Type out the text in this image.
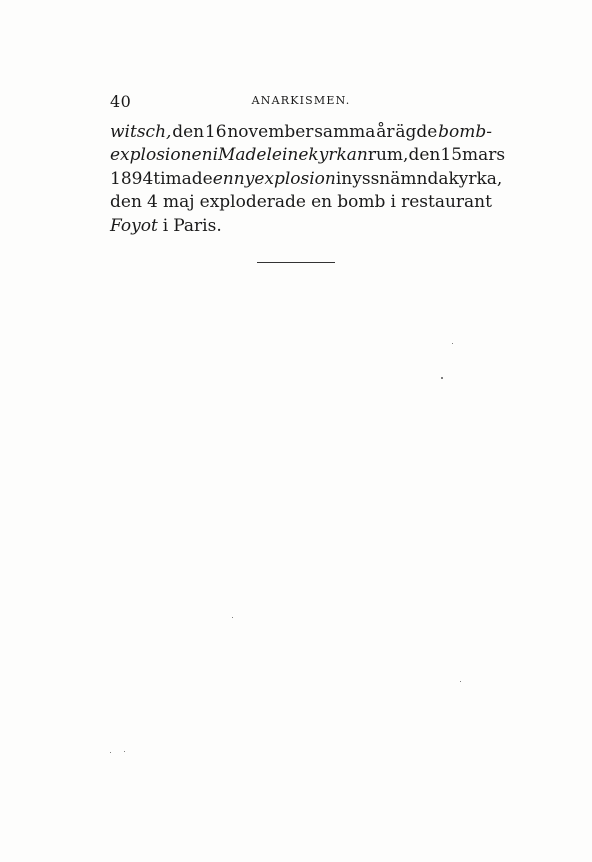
40	ANARKISMEN.
witsch, den 16 november samma år ägde bomb-
explosionen i Madeleinekyrkan rum, den 15 mars
1894 timade en ny explosion i nyssnämnda kyrka,
den 4 maj exploderade en bomb i restaurant
Foyot i Paris.
